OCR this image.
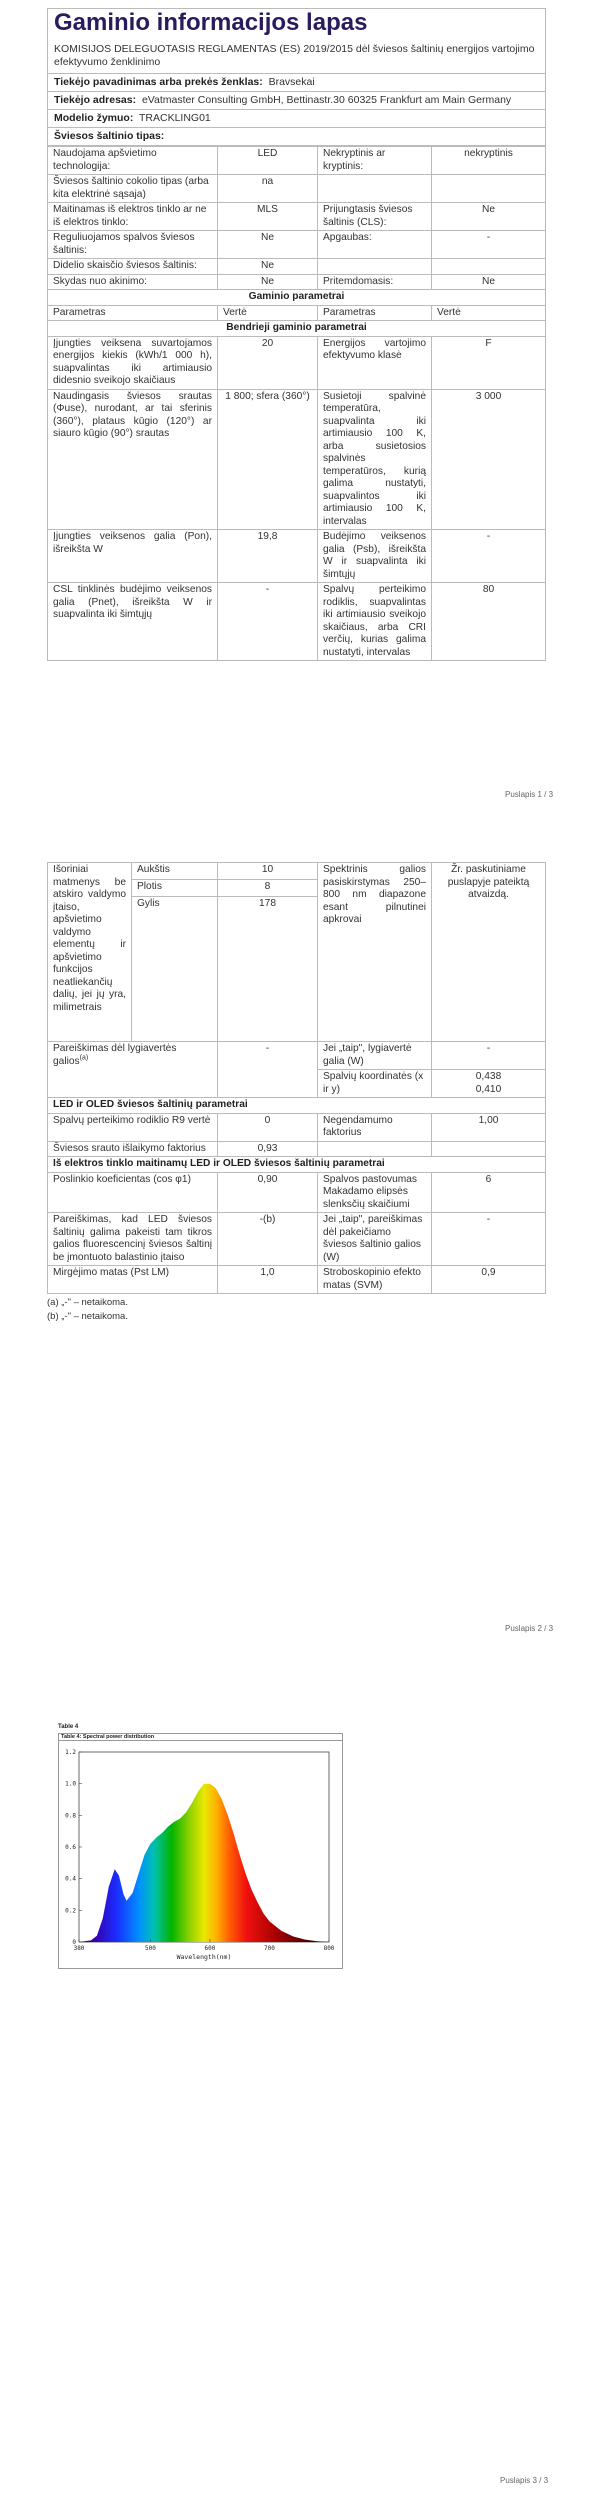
Gaminio informacijos lapas
KOMISIJOS DELEGUOTASIS REGLAMENTAS (ES) 2019/2015 dėl šviesos šaltinių energijos vartojimo efektyvumo ženklinimo
Tiekėjo pavadinimas arba prekės ženklas: Bravsekai
Tiekėjo adresas: eVatmaster Consulting GmbH, Bettinastr.30 60325 Frankfurt am Main Germany
Modelio žymuo: TRACKLING01
Šviesos šaltinio tipas:
Naudojama apšvietimo technologija:	LED	Nekryptinis ar kryptinis:	nekryptinis
Šviesos šaltinio cokolio tipas (arba kita elektrinė sąsaja)	na		
Maitinamas iš elektros tinklo ar ne iš elektros tinklo:	MLS	Prijungtasis šviesos šaltinis (CLS):	Ne
Reguliuojamos spalvos šviesos šaltinis:	Ne	Apgaubas:	-
Didelio skaisčio šviesos šaltinis:	Ne		
Skydas nuo akinimo:	Ne	Pritemdomasis:	Ne
Gaminio parametrai			
Parametras	Vertė	Parametras	Vertė
Bendrieji gaminio parametrai			
Įjungties veiksena suvartojamos energijos kiekis (kWh/1 000 h), suapvalintas iki artimiausio didesnio sveikojo skaičiaus	20	Energijos vartojimo efektyvumo klasė	F
Naudingasis šviesos srautas (Φuse), nurodant, ar tai sferinis (360°), plataus kūgio (120°) ar siauro kūgio (90°) srautas	1 800; sfera (360°)	Susietoji spalvinė temperatūra, suapvalinta iki artimiausio 100 K, arba susietosios spalvinės temperatūros, kurią galima nustatyti, suapvalintos iki artimiausio 100 K, intervalas	3 000
Įjungties veiksenos galia (Pon), išreikšta W	19,8	Budėjimo veiksenos galia (Psb), išreikšta W ir suapvalinta iki šimtųjų	-
CSL tinklinės budėjimo veiksenos galia (Pnet), išreikšta W ir suapvalinta iki šimtųjų	-	Spalvų perteikimo rodiklis, suapvalintas iki artimiausio sveikojo skaičiaus, arba CRI verčių, kurias galima nustatyti, intervalas	80
Puslapis 1 / 3
Išoriniai matmenys be atskiro valdymo įtaiso, apšvietimo valdymo elementų ir apšvietimo funkcijos neatliekančių dalių, jei jų yra, milimetrais	Aukštis	10	Spektrinis galios pasiskirstymas 250–800 nm diapazone esant pilnutinei apkrovai	Žr. paskutiniame puslapyje pateiktą atvaizdą.
	Plotis	8		
	Gylis	178		
Pareiškimas dėl lygiavertės galios$^{(a)}$		-	Jei „taip", lygiavertė galia (W)	-
			Spalvių koordinatės (x ir y)	0,438
0,410

LED ir OLED šviesos šaltinių parametrai				
Spalvų perteikimo rodiklio R9 vertė		0	Negendamumo faktorius	1,00
Šviesos srauto išlaikymo faktorius		0,93		
Iš elektros tinklo maitinamų LED ir OLED šviesos šaltinių parametrai				
Poslinkio koeficientas (cos φ1)		0,90	Spalvos pastovumas Makadamo elipsės slenksčių skaičiumi	6
Pareiškimas, kad LED šviesos šaltinių galima pakeisti tam tikros galios fluorescencinį šviesos šaltinį be įmontuoto balastinio įtaiso		-(b)	Jei „taip", pareiškimas dėl pakeičiamo šviesos šaltinio galios (W)	-
Mirgėjimo matas (Pst LM)		1,0	Stroboskopinio efekto matas (SVM)	0,9
(a) „-" – netaikoma.
(b) „-" – netaikoma.
Puslapis 2 / 3
Table 4
Table 4: Spectral power distribution
0
0.2
0.4
0.6
0.8
1.0
1.2
380	500	600	700	800
Wavelength(nm)
Puslapis 3 / 3
